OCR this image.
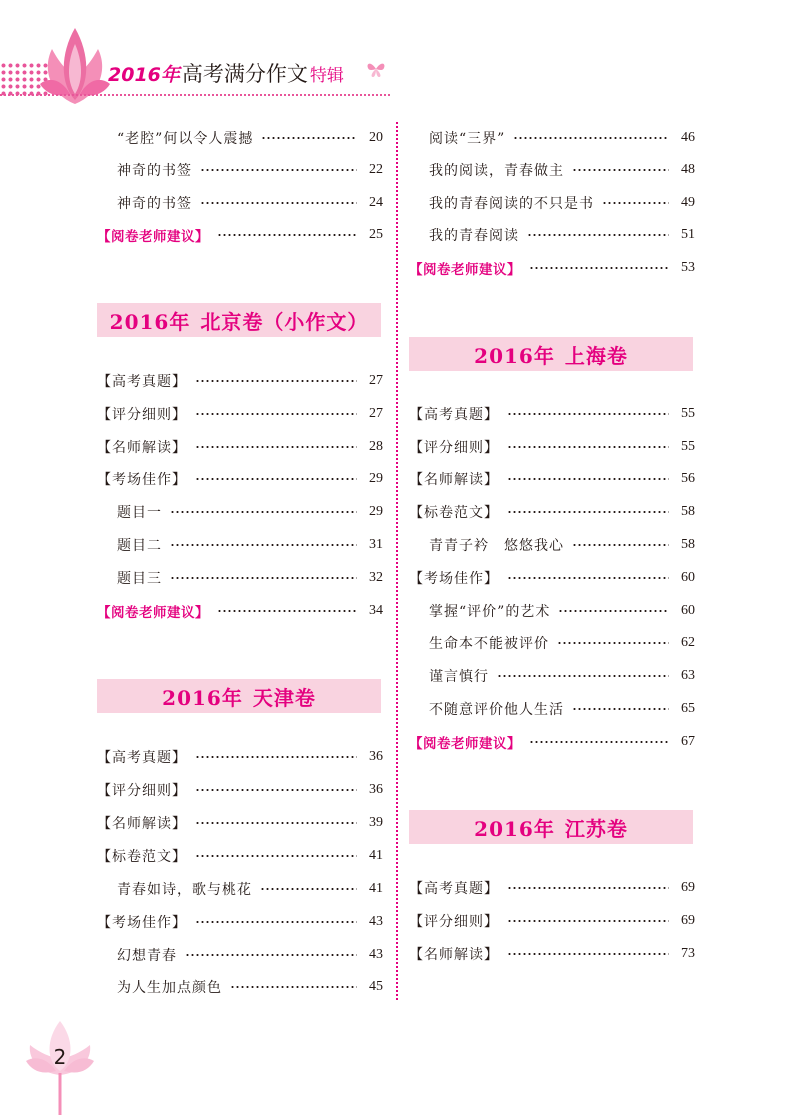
2016年 高考满分作文 特辑
“老腔”何以令人震撼	20
神奇的书签	22
神奇的书签	24
【阅卷老师建议】	25
2016年 北京卷（小作文）
【高考真题】	27
【评分细则】	27
【名师解读】	28
【考场佳作】	29
题目一	29
题目二	31
题目三	32
【阅卷老师建议】	34
2016年 天津卷
【高考真题】	36
【评分细则】	36
【名师解读】	39
【标卷范文】	41
青春如诗，歌与桃花	41
【考场佳作】	43
幻想青春	43
为人生加点颜色	45
阅读“三界”	46
我的阅读，青春做主	48
我的青春阅读的不只是书	49
我的青春阅读	51
【阅卷老师建议】	53
2016年 上海卷
【高考真题】	55
【评分细则】	55
【名师解读】	56
【标卷范文】	58
青青子衿　悠悠我心	58
【考场佳作】	60
掌握“评价”的艺术	60
生命本不能被评价	62
谨言慎行	63
不随意评价他人生活	65
【阅卷老师建议】	67
2016年 江苏卷
【高考真题】	69
【评分细则】	69
【名师解读】	73
2
